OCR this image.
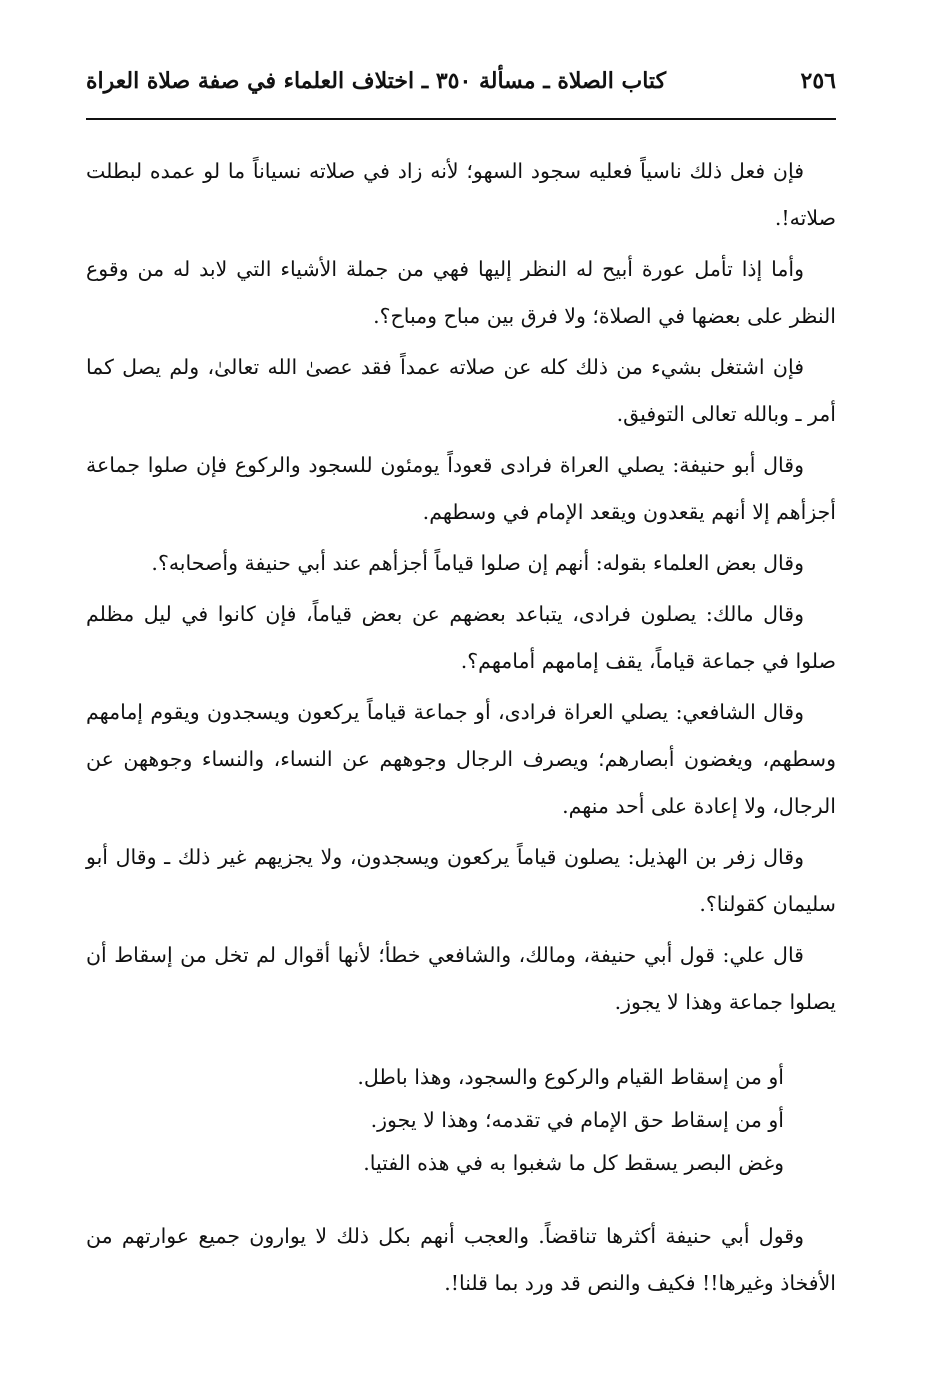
٢٥٦
كتاب الصلاة ـ مسألة ٣٥٠ ـ اختلاف العلماء في صفة صلاة العراة

فإن فعل ذلك ناسياً فعليه سجود السهو؛ لأنه زاد في صلاته نسياناً ما لو عمده لبطلت صلاته!.

وأما إذا تأمل عورة أبيح له النظر إليها فهي من جملة الأشياء التي لابد له من وقوع النظر على بعضها في الصلاة؛ ولا فرق بين مباح ومباح؟.

فإن اشتغل بشيء من ذلك كله عن صلاته عمداً فقد عصىٰ الله تعالىٰ، ولم يصل كما أمر ـ وبالله تعالى التوفيق.

وقال أبو حنيفة: يصلي العراة فرادى قعوداً يومئون للسجود والركوع فإن صلوا جماعة أجزأهم إلا أنهم يقعدون ويقعد الإمام في وسطهم.

وقال بعض العلماء بقوله: أنهم إن صلوا قياماً أجزأهم عند أبي حنيفة وأصحابه؟.

وقال مالك: يصلون فرادى، يتباعد بعضهم عن بعض قياماً، فإن كانوا في ليل مظلم صلوا في جماعة قياماً، يقف إمامهم أمامهم؟.

وقال الشافعي: يصلي العراة فرادى، أو جماعة قياماً يركعون ويسجدون ويقوم إمامهم وسطهم، ويغضون أبصارهم؛ ويصرف الرجال وجوههم عن النساء، والنساء وجوههن عن الرجال، ولا إعادة على أحد منهم.

وقال زفر بن الهذيل: يصلون قياماً يركعون ويسجدون، ولا يجزيهم غير ذلك ـ وقال أبو سليمان كقولنا؟.

قال علي: قول أبي حنيفة، ومالك، والشافعي خطأ؛ لأنها أقوال لم تخل من إسقاط أن يصلوا جماعة وهذا لا يجوز.

أو من إسقاط القيام والركوع والسجود، وهذا باطل.

أو من إسقاط حق الإمام في تقدمه؛ وهذا لا يجوز.

وغض البصر يسقط كل ما شغبوا به في هذه الفتيا.

وقول أبي حنيفة أكثرها تناقضاً. والعجب أنهم بكل ذلك لا يوارون جميع عوارتهم من الأفخاذ وغيرها!! فكيف والنص قد ورد بما قلنا!.
